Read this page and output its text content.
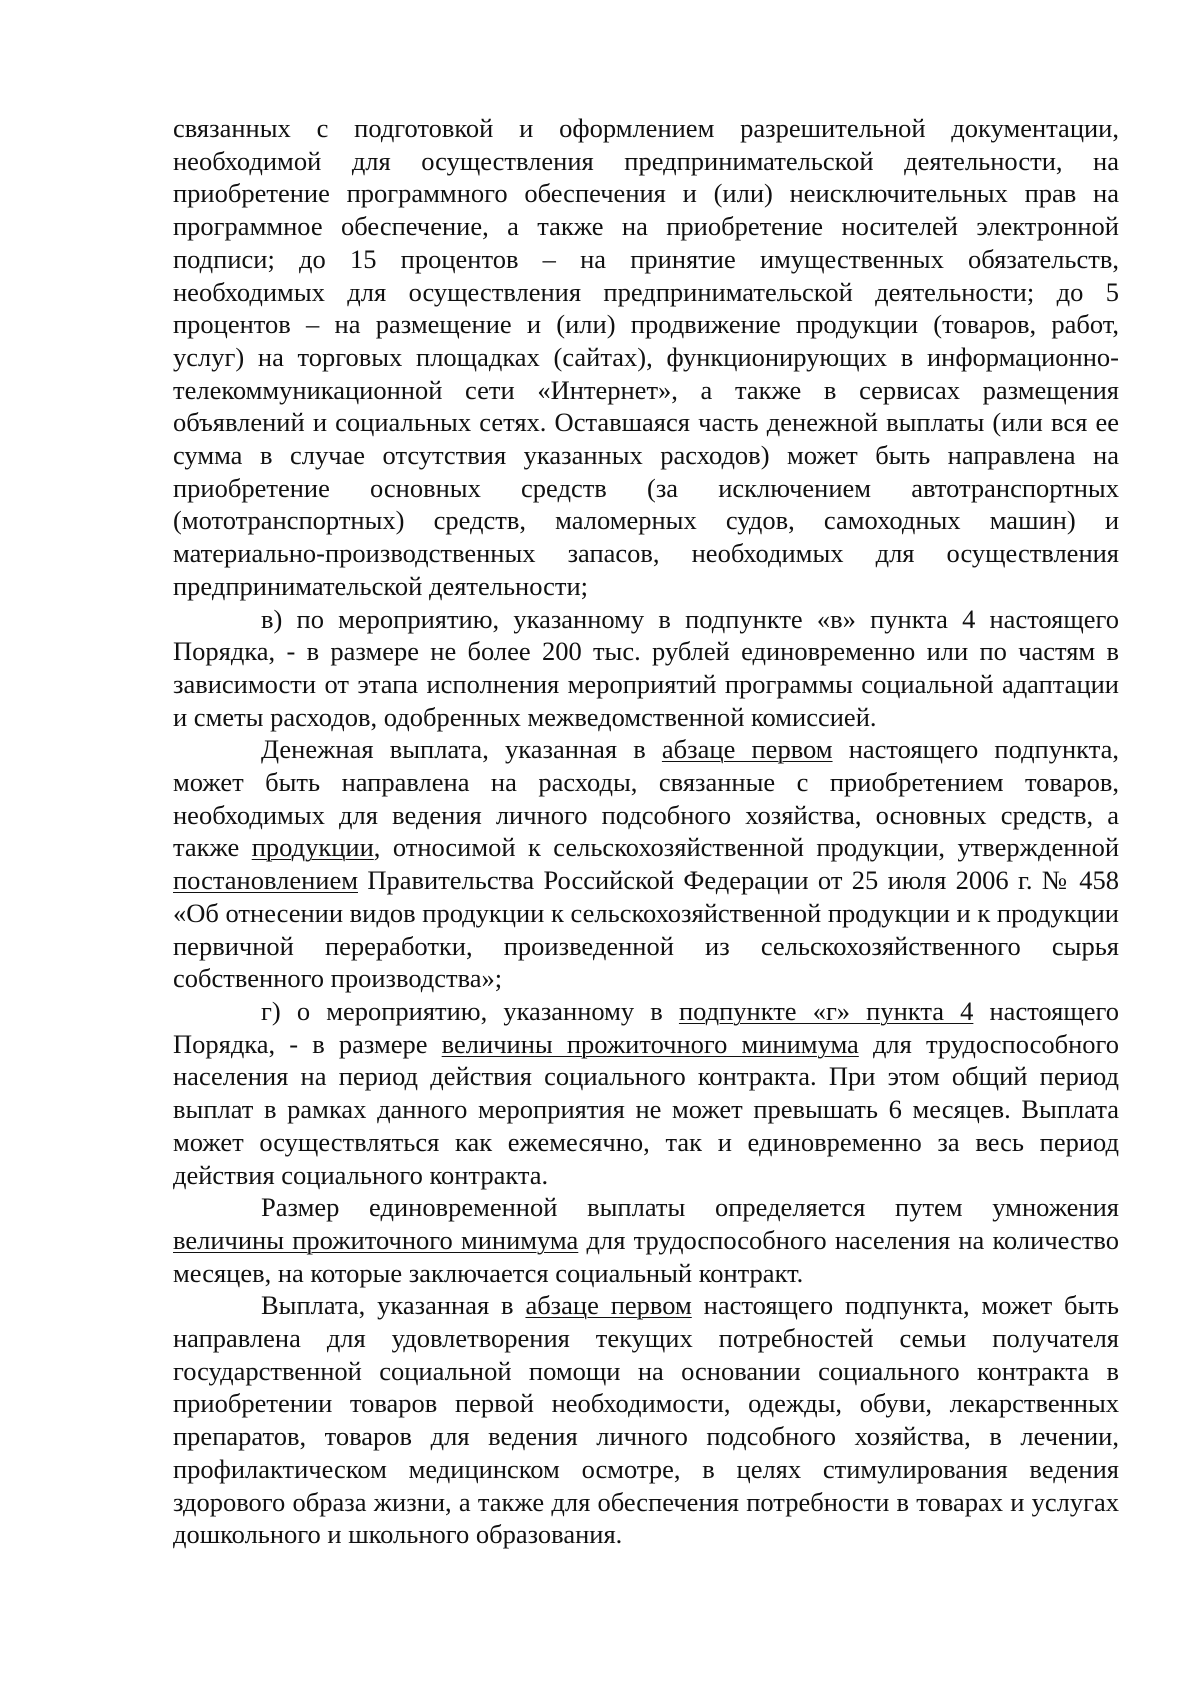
связанных с подготовкой и оформлением разрешительной документации, необходимой для осуществления предпринимательской деятельности, на приобретение программного обеспечения и (или) неисключительных прав на программное обеспечение, а также на приобретение носителей электронной подписи; до 15 процентов – на принятие имущественных обязательств, необходимых для осуществления предпринимательской деятельности; до 5 процентов – на размещение и (или) продвижение продукции (товаров, работ, услуг) на торговых площадках (сайтах), функционирующих в информационно-телекоммуникационной сети «Интернет», а также в сервисах размещения объявлений и социальных сетях. Оставшаяся часть денежной выплаты (или вся ее сумма в случае отсутствия указанных расходов) может быть направлена на приобретение основных средств (за исключением автотранспортных (мототранспортных) средств, маломерных судов, самоходных машин) и материально-производственных запасов, необходимых для осуществления предпринимательской деятельности;

в) по мероприятию, указанному в подпункте «в» пункта 4 настоящего Порядка, - в размере не более 200 тыс. рублей единовременно или по частям в зависимости от этапа исполнения мероприятий программы социальной адаптации и сметы расходов, одобренных межведомственной комиссией.

Денежная выплата, указанная в абзаце первом настоящего подпункта, может быть направлена на расходы, связанные с приобретением товаров, необходимых для ведения личного подсобного хозяйства, основных средств, а также продукции, относимой к сельскохозяйственной продукции, утвержденной постановлением Правительства Российской Федерации от 25 июля 2006 г. № 458 «Об отнесении видов продукции к сельскохозяйственной продукции и к продукции первичной переработки, произведенной из сельскохозяйственного сырья собственного производства»;

г) о мероприятию, указанному в подпункте «г» пункта 4 настоящего Порядка, - в размере величины прожиточного минимума для трудоспособного населения на период действия социального контракта. При этом общий период выплат в рамках данного мероприятия не может превышать 6 месяцев. Выплата может осуществляться как ежемесячно, так и единовременно за весь период действия социального контракта.

Размер единовременной выплаты определяется путем умножения величины прожиточного минимума для трудоспособного населения на количество месяцев, на которые заключается социальный контракт.

Выплата, указанная в абзаце первом настоящего подпункта, может быть направлена для удовлетворения текущих потребностей семьи получателя государственной социальной помощи на основании социального контракта в приобретении товаров первой необходимости, одежды, обуви, лекарственных препаратов, товаров для ведения личного подсобного хозяйства, в лечении, профилактическом медицинском осмотре, в целях стимулирования ведения здорового образа жизни, а также для обеспечения потребности в товарах и услугах дошкольного и школьного образования.
